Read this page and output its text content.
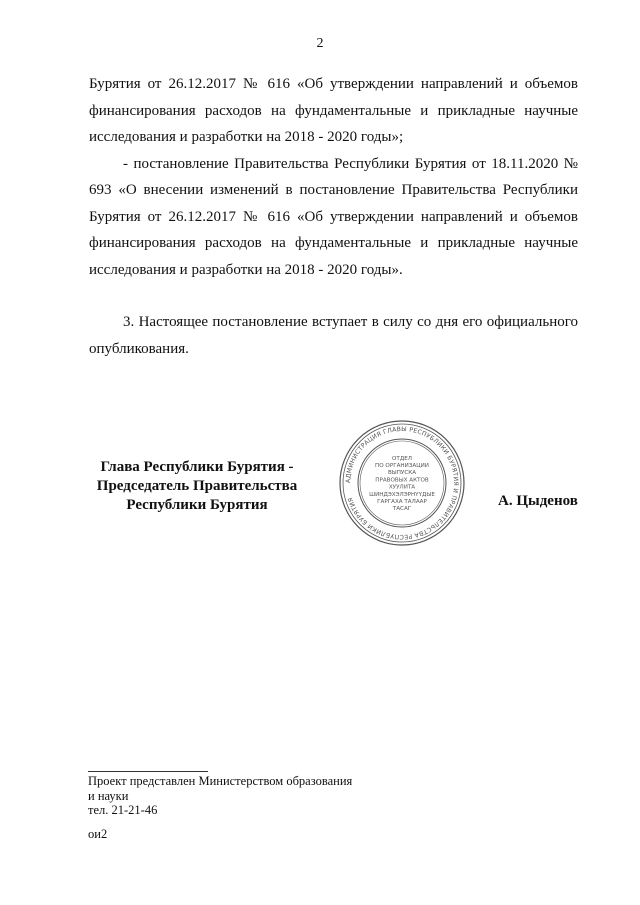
2

Бурятия от 26.12.2017 № 616 «Об утверждении направлений и объемов финансирования расходов на фундаментальные и прикладные научные исследования и разработки на 2018 - 2020 годы»;

- постановление Правительства Республики Бурятия от 18.11.2020 № 693 «О внесении изменений в постановление Правительства Республики Бурятия от 26.12.2017 № 616 «Об утверждении направлений и объемов финансирования расходов на фундаментальные и прикладные научные исследования и разработки на 2018 - 2020 годы».

3. Настоящее постановление вступает в силу со дня его официального опубликования.

Глава Республики Бурятия -
Председатель Правительства
Республики Бурятия
АДМИНИСТРАЦИЯ ГЛАВЫ РЕСПУБЛИКИ БУРЯТИЯ И ПРАВИТЕЛЬСТВА РЕСПУБЛИКИ БУРЯТИЯ
ОТДЕЛ
ПО ОРГАНИЗАЦИИ
ВЫПУСКА
ПРАВОВЫХ АКТОВ
ХУУЛИТА
ШИНДЭХЭЛЭРНҮҮДЫЕ
ГАРГАХА ТАЛААР
ТАСАГ
А. Цыденов
Проект представлен Министерством образования
и науки
тел. 21-21-46
ои2
